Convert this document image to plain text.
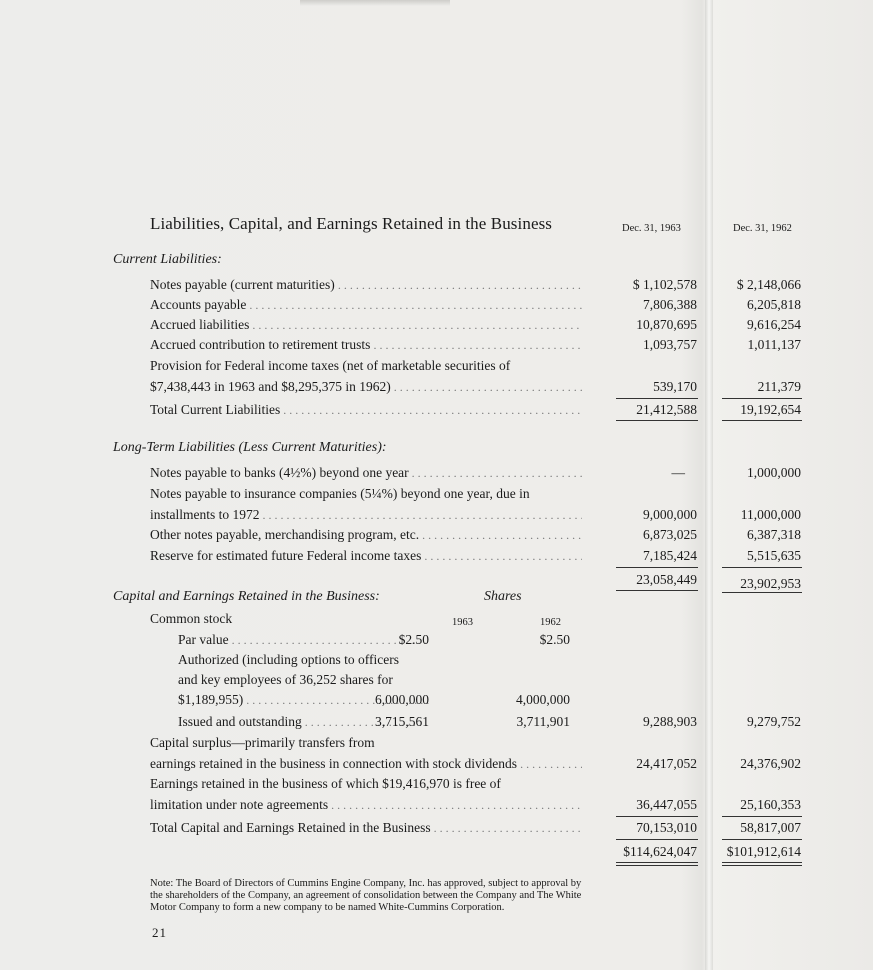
Liabilities, Capital, and Earnings Retained in the Business	Dec. 31, 1963	Dec. 31, 1962
Current Liabilities:
Notes payable (current maturities) . . .	$ 1,102,578	$ 2,148,066
Accounts payable . . .	7,806,388	6,205,818
Accrued liabilities . . .	10,870,695	9,616,254
Accrued contribution to retirement trusts . . .	1,093,757	1,011,137
Provision for Federal income taxes (net of marketable securities of
$7,438,443 in 1963 and $8,295,375 in 1962) . . .	539,170	211,379
Total Current Liabilities . . .	21,412,588	19,192,654
Long-Term Liabilities (Less Current Maturities):
Notes payable to banks (4½%) beyond one year . . .	—	1,000,000
Notes payable to insurance companies (5¼%) beyond one year, due in
installments to 1972 . . .	9,000,000	11,000,000
Other notes payable, merchandising program, etc. . . .	6,873,025	6,387,318
Reserve for estimated future Federal income taxes . . .	7,185,424	5,515,635
23,058,449	23,902,953
Capital and Earnings Retained in the Business:	Shares
Common stock	1963	1962
Par value . . .	$2.50	$2.50
Authorized (including options to officers
and key employees of 36,252 shares for
$1,189,955) . . .	6,000,000	4,000,000
Issued and outstanding . . .	3,715,561	3,711,901	9,288,903	9,279,752
Capital surplus—primarily transfers from
earnings retained in the business in connection with stock dividends . . .	24,417,052	24,376,902
Earnings retained in the business of which $19,416,970 is free of
limitation under note agreements . . .	36,447,055	25,160,353
Total Capital and Earnings Retained in the Business . . .	70,153,010	58,817,007
$114,624,047 $101,912,614
Note: The Board of Directors of Cummins Engine Company, Inc. has approved, subject to approval by
the shareholders of the Company, an agreement of consolidation between the Company and The White
Motor Company to form a new company to be named White-Cummins Corporation.
21
